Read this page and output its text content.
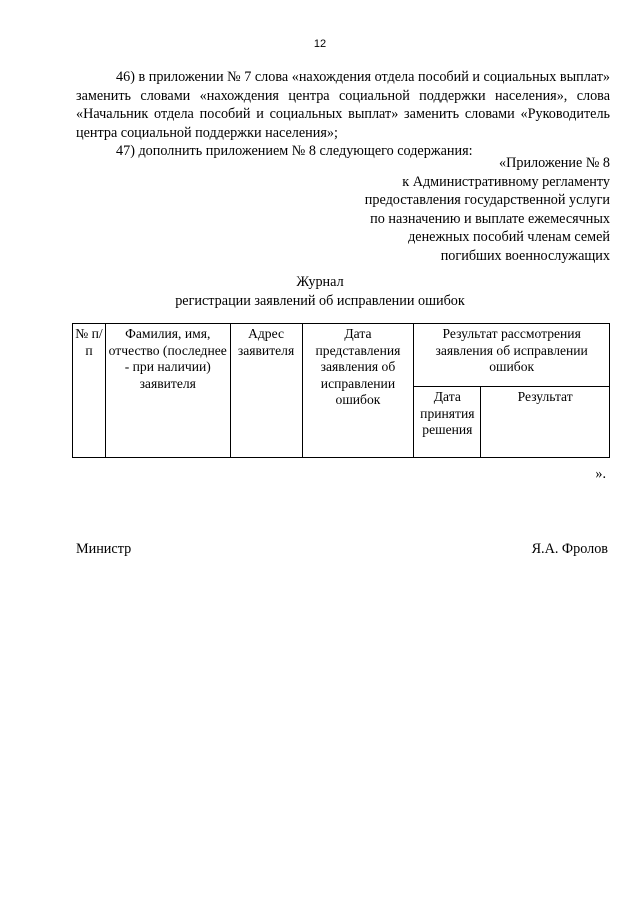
12

46) в приложении № 7 слова «нахождения отдела пособий и социальных выплат» заменить словами «нахождения центра социальной поддержки населения», слова «Начальник отдела пособий и социальных выплат» заменить словами «Руководитель центра социальной поддержки населения»;

47) дополнить приложением № 8 следующего содержания:

«Приложение № 8
к Административному регламенту
предоставления государственной услуги
по назначению и выплате ежемесячных
денежных пособий членам семей
погибших военнослужащих
Журнал
регистрации заявлений об исправлении ошибок
№ п/п	Фамилия, имя, отчество (последнее - при наличии) заявителя	Адрес заявителя	Дата представления заявления об исправлении ошибок	Результат рассмотрения заявления об исправлении ошибок	
				Дата принятия решения	Результат
».
Министр	Я.А. Фролов
